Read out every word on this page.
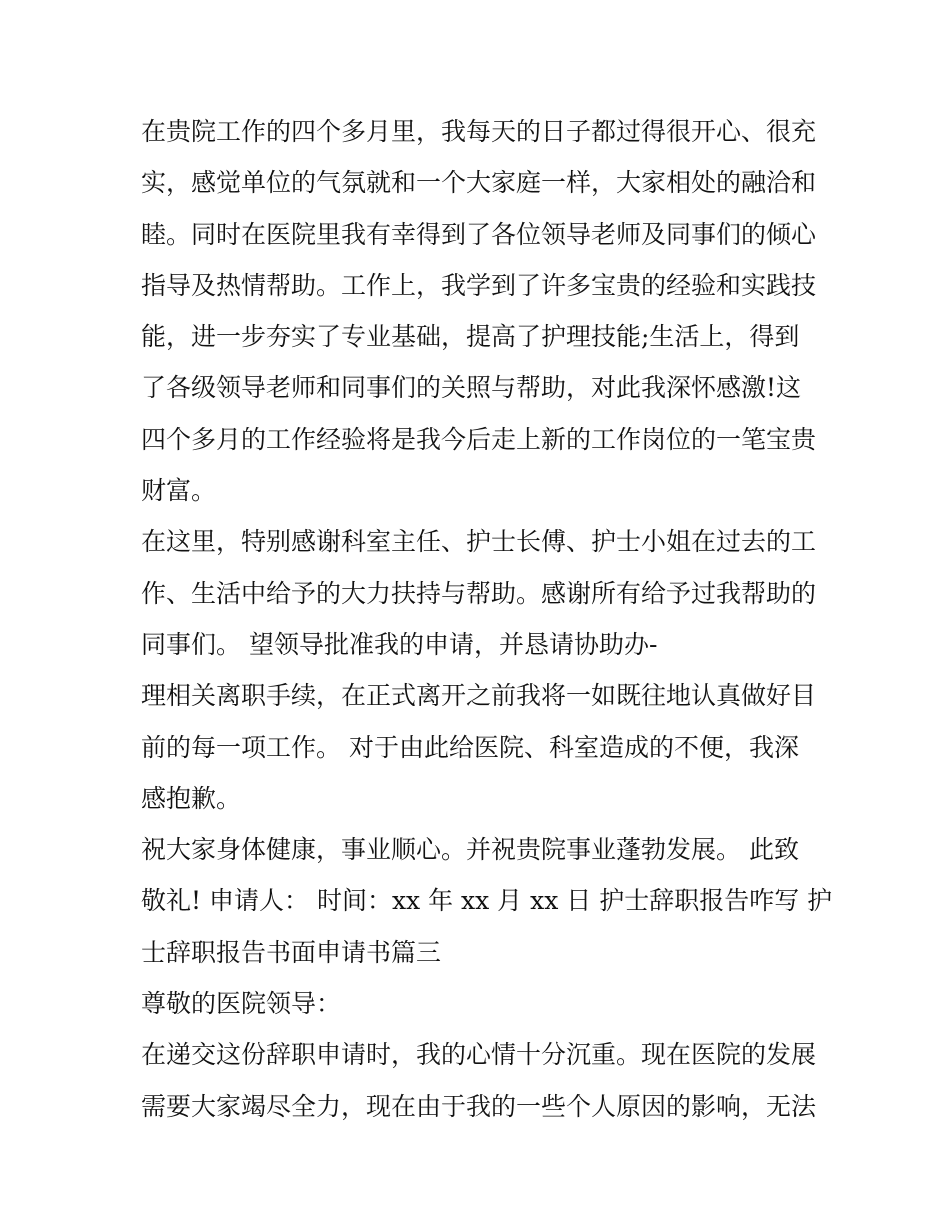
在贵院工作的四个多月里，我每天的日子都过得很开心、很充
实，感觉单位的气氛就和一个大家庭一样，大家相处的融洽和
睦。同时在医院里我有幸得到了各位领导老师及同事们的倾心
指导及热情帮助。工作上，我学到了许多宝贵的经验和实践技
能，进一步夯实了专业基础，提高了护理技能;生活上，得到
了各级领导老师和同事们的关照与帮助，对此我深怀感激!这
四个多月的工作经验将是我今后走上新的工作岗位的一笔宝贵
财富。
在这里，特别感谢科室主任、护士长傅、护士小姐在过去的工
作、生活中给予的大力扶持与帮助。感谢所有给予过我帮助的
同事们。 望领导批准我的申请，并恳请协助办-
理相关离职手续，在正式离开之前我将一如既往地认真做好目
前的每一项工作。 对于由此给医院、科室造成的不便，我深
感抱歉。
祝大家身体健康，事业顺心。并祝贵院事业蓬勃发展。 此致
敬礼! 申请人： 时间：xx 年 xx 月 xx 日 护士辞职报告咋写 护
士辞职报告书面申请书篇三
尊敬的医院领导：
在递交这份辞职申请时，我的心情十分沉重。现在医院的发展
需要大家竭尽全力，现在由于我的一些个人原因的影响，无法
